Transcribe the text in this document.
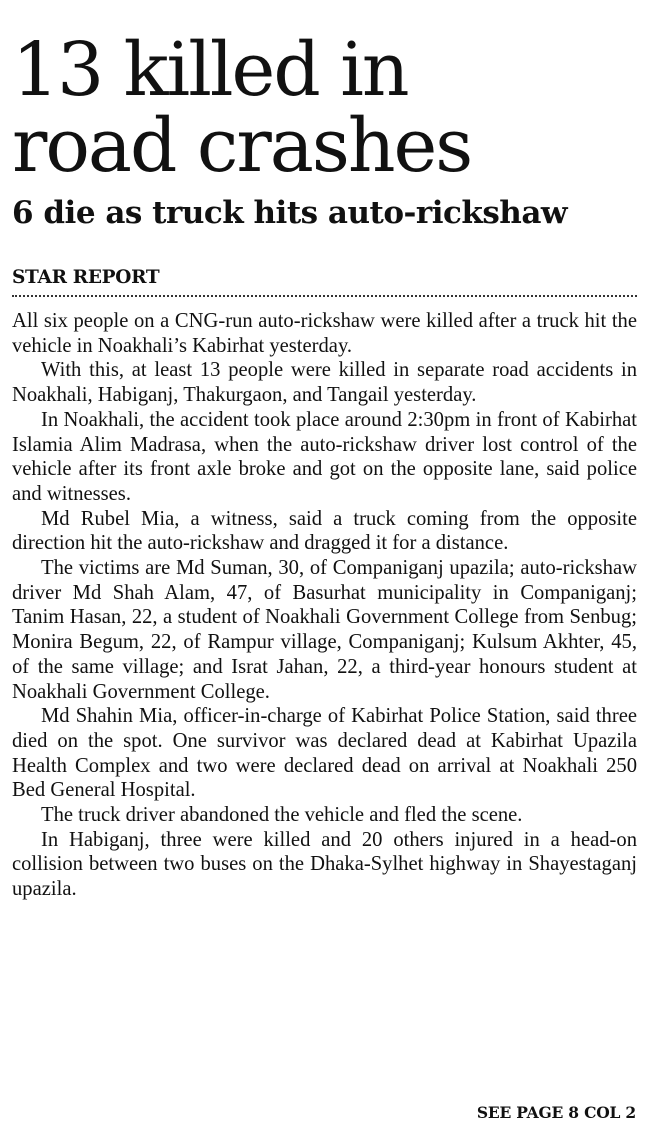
13 killed in
road crashes
6 die as truck hits auto-rickshaw
STAR REPORT

All six people on a CNG-run auto-rickshaw were killed after a truck hit the vehicle in Noakhali’s Kabirhat yesterday.

With this, at least 13 people were killed in separate road accidents in Noakhali, Habiganj, Thakurgaon, and Tangail yesterday.

In Noakhali, the accident took place around 2:30pm in front of Kabirhat Islamia Alim Madrasa, when the auto-rickshaw driver lost control of the vehicle after its front axle broke and got on the opposite lane, said police and witnesses.

Md Rubel Mia, a witness, said a truck coming from the opposite direction hit the auto-rickshaw and dragged it for a distance.

The victims are Md Suman, 30, of Companiganj upazila; auto-rickshaw driver Md Shah Alam, 47, of Basurhat municipality in Companiganj; Tanim Hasan, 22, a student of Noakhali Government College from Senbug; Monira Begum, 22, of Rampur village, Companiganj; Kulsum Akhter, 45, of the same village; and Israt Jahan, 22, a third-year honours student at Noakhali Government College.

Md Shahin Mia, officer-in-charge of Kabirhat Police Station, said three died on the spot. One survivor was declared dead at Kabirhat Upazila Health Complex and two were declared dead on arrival at Noakhali 250 Bed General Hospital.

The truck driver abandoned the vehicle and fled the scene.

In Habiganj, three were killed and 20 others injured in a head-on collision between two buses on the Dhaka-Sylhet highway in Shayestaganj upazila.

SEE PAGE 8 COL 2
